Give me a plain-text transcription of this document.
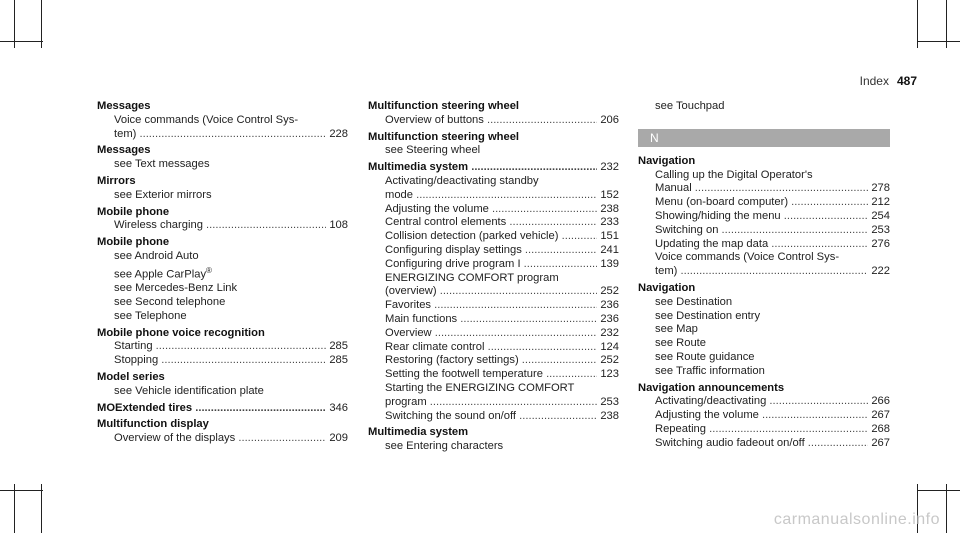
Index 487
Messages
Voice commands (Voice Control Sys-
tem) .....	228
Messages
see Text messages
Mirrors
see Exterior mirrors
Mobile phone
Wireless charging .....	108
Mobile phone
see Android Auto
see Apple CarPlay®
see Mercedes-Benz Link
see Second telephone
see Telephone
Mobile phone voice recognition
Starting .....	285
Stopping .....	285
Model series
see Vehicle identification plate
MOExtended tires .....	346
Multifunction display
Overview of the displays .....	209
Multifunction steering wheel
Overview of buttons .....	206
Multifunction steering wheel
see Steering wheel
Multimedia system .....	232
Activating/deactivating standby
mode .....	152
Adjusting the volume .....	238
Central control elements .....	233
Collision detection (parked vehicle) .....	151
Configuring display settings .....	241
Configuring drive program I .....	139
ENERGIZING COMFORT program
(overview) .....	252
Favorites .....	236
Main functions .....	236
Overview .....	232
Rear climate control .....	124
Restoring (factory settings) .....	252
Setting the footwell temperature .....	123
Starting the ENERGIZING COMFORT
program .....	253
Switching the sound on/off .....	238
Multimedia system
see Entering characters
see Touchpad
N
Navigation
Calling up the Digital Operator's
Manual .....	278
Menu (on-board computer) .....	212
Showing/hiding the menu .....	254
Switching on .....	253
Updating the map data .....	276
Voice commands (Voice Control Sys-
tem) .....	222
Navigation
see Destination
see Destination entry
see Map
see Route
see Route guidance
see Traffic information
Navigation announcements
Activating/deactivating .....	266
Adjusting the volume .....	267
Repeating .....	268
Switching audio fadeout on/off .....	267
carmanualsonline.info
